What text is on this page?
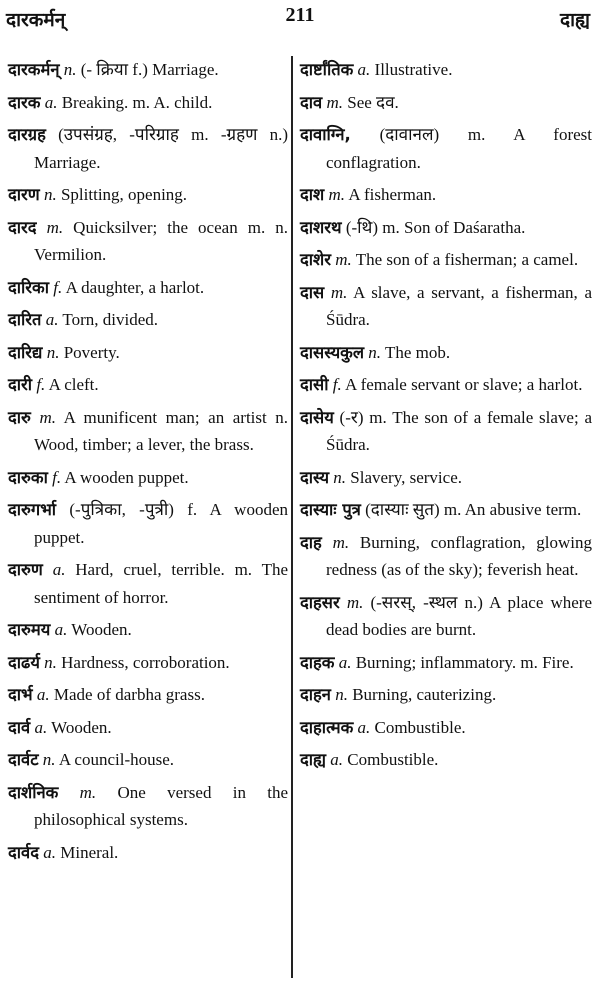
दारकर्मन्	211	दाह्य

दारकर्मन् n. (- क्रिया f.) Marriage.

दारक a. Breaking. m. A. child.

दारग्रह (उपसंग्रह, -परिग्राह m. -ग्रहण n.) Marriage.

दारण n. Splitting, opening.

दारद m. Quicksilver; the ocean m. n. Vermilion.

दारिका f. A daughter, a harlot.

दारित a. Torn, divided.

दारिद्य n. Poverty.

दारी f. A cleft.

दारु m. A munificent man; an artist n. Wood, timber; a lever, the brass.

दारुका f. A wooden puppet.

दारुगर्भा (-पुत्रिका, -पुत्री) f. A wooden puppet.

दारुण a. Hard, cruel, terrible. m. The sentiment of horror.

दारुमय a. Wooden.

दाढर्य n. Hardness, corroboration.

दार्भ a. Made of darbha grass.

दार्व a. Wooden.

दार्वट n. A council-house.

दार्शनिक m. One versed in the philosophical systems.

दार्वद a. Mineral.

दार्ष्टांतिक a. Illustrative.

दाव m. See दव.

दावाग्नि, (दावानल) m. A forest conflagration.

दाश m. A fisherman.

दाशरथ (-थि) m. Son of Daśaratha.

दाशेर m. The son of a fisherman; a camel.

दास m. A slave, a servant, a fisherman, a Śūdra.

दासस्यकुल n. The mob.

दासी f. A female servant or slave; a harlot.

दासेय (-र) m. The son of a female slave; a Śūdra.

दास्य n. Slavery, service.

दास्याः पुत्र (दास्याः सुत) m. An abusive term.

दाह m. Burning, conflagration, glowing redness (as of the sky); feverish heat.

दाहसर m. (-सरस्, -स्थल n.) A place where dead bodies are burnt.

दाहक a. Burning; inflammatory. m. Fire.

दाहन n. Burning, cauterizing.

दाहात्मक a. Combustible.

दाह्य a. Combustible.
